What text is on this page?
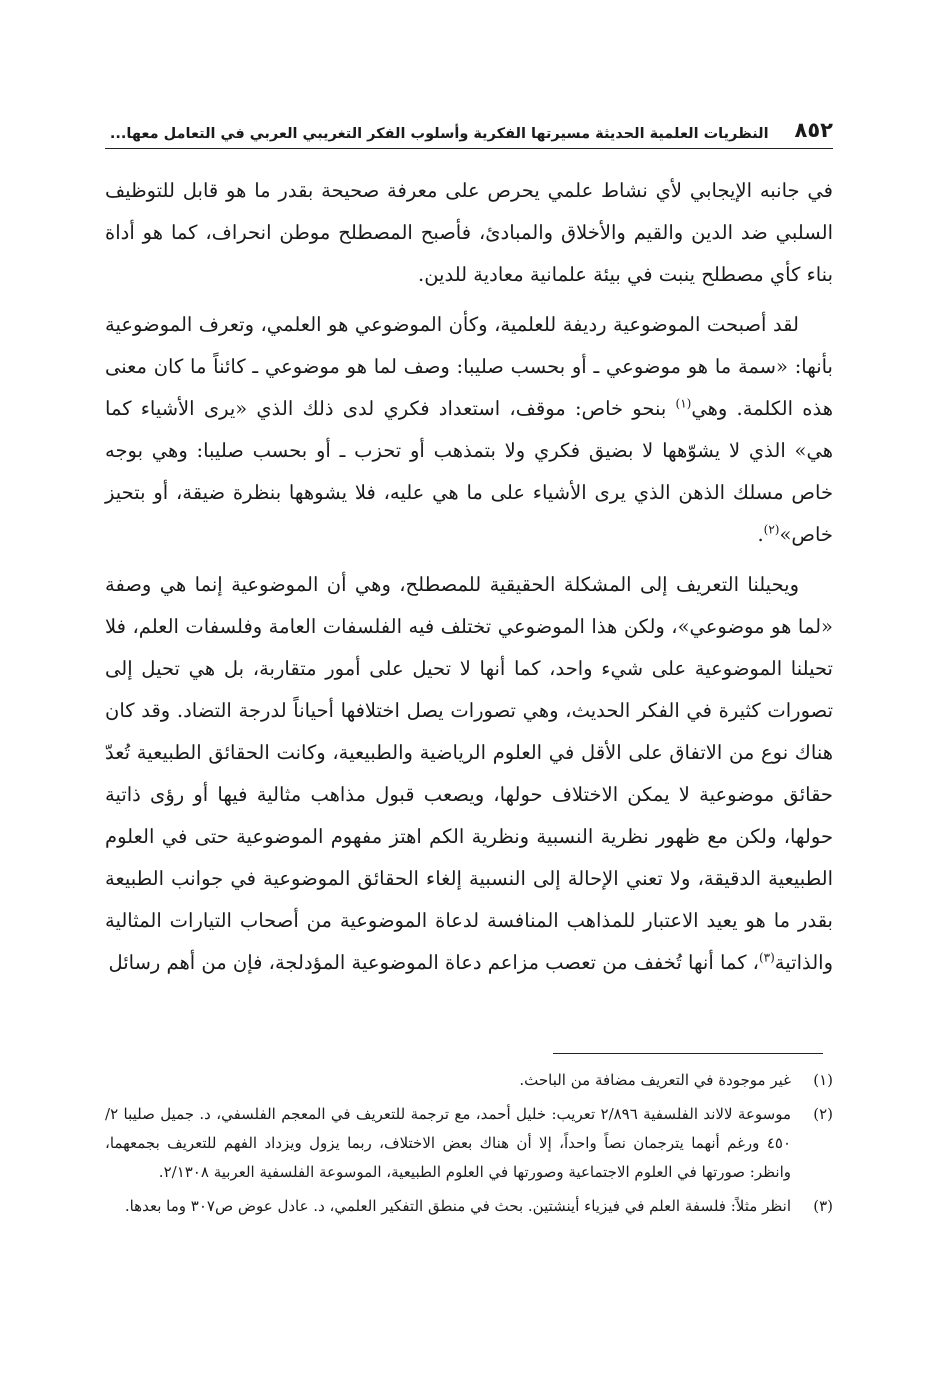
٨٥٢
النظريات العلمية الحديثة مسيرتها الفكرية وأسلوب الفكر التغريبي العربي في التعامل معها...

في جانبه الإيجابي لأي نشاط علمي يحرص على معرفة صحيحة بقدر ما هو قابل للتوظيف السلبي ضد الدين والقيم والأخلاق والمبادئ، فأصبح المصطلح موطن انحراف، كما هو أداة بناء كأي مصطلح ينبت في بيئة علمانية معادية للدين.

لقد أصبحت الموضوعية رديفة للعلمية، وكأن الموضوعي هو العلمي، وتعرف الموضوعية بأنها: «سمة ما هو موضوعي ـ أو بحسب صليبا: وصف لما هو موضوعي ـ كائناً ما كان معنى هذه الكلمة. وهي$^{(١)}$ بنحو خاص: موقف، استعداد فكري لدى ذلك الذي «يرى الأشياء كما هي» الذي لا يشوّهها لا بضيق فكري ولا بتمذهب أو تحزب ـ أو بحسب صليبا: وهي بوجه خاص مسلك الذهن الذي يرى الأشياء على ما هي عليه، فلا يشوهها بنظرة ضيقة، أو بتحيز خاص»$^{(٢)}$.

ويحيلنا التعريف إلى المشكلة الحقيقية للمصطلح، وهي أن الموضوعية إنما هي وصفة «لما هو موضوعي»، ولكن هذا الموضوعي تختلف فيه الفلسفات العامة وفلسفات العلم، فلا تحيلنا الموضوعية على شيء واحد، كما أنها لا تحيل على أمور متقاربة، بل هي تحيل إلى تصورات كثيرة في الفكر الحديث، وهي تصورات يصل اختلافها أحياناً لدرجة التضاد. وقد كان هناك نوع من الاتفاق على الأقل في العلوم الرياضية والطبيعية، وكانت الحقائق الطبيعية تُعدّ حقائق موضوعية لا يمكن الاختلاف حولها، ويصعب قبول مذاهب مثالية فيها أو رؤى ذاتية حولها، ولكن مع ظهور نظرية النسبية ونظرية الكم اهتز مفهوم الموضوعية حتى في العلوم الطبيعية الدقيقة، ولا تعني الإحالة إلى النسبية إلغاء الحقائق الموضوعية في جوانب الطبيعة بقدر ما هو يعيد الاعتبار للمذاهب المنافسة لدعاة الموضوعية من أصحاب التيارات المثالية والذاتية$^{(٣)}$، كما أنها تُخفف من تعصب مزاعم دعاة الموضوعية المؤدلجة، فإن من أهم رسائل

(١)
غير موجودة في التعريف مضافة من الباحث.
(٢)
موسوعة لالاند الفلسفية ٢/٨٩٦ تعريب: خليل أحمد، مع ترجمة للتعريف في المعجم الفلسفي، د. جميل صليبا ٢/ ٤٥٠ ورغم أنهما يترجمان نصاً واحداً، إلا أن هناك بعض الاختلاف، ربما يزول ويزداد الفهم للتعريف بجمعهما، وانظر: صورتها في العلوم الاجتماعية وصورتها في العلوم الطبيعية، الموسوعة الفلسفية العربية ٢/١٣٠٨.
(٣)
انظر مثلاً: فلسفة العلم في فيزياء أينشتين. بحث في منطق التفكير العلمي، د. عادل عوض ص٣٠٧ وما بعدها.
